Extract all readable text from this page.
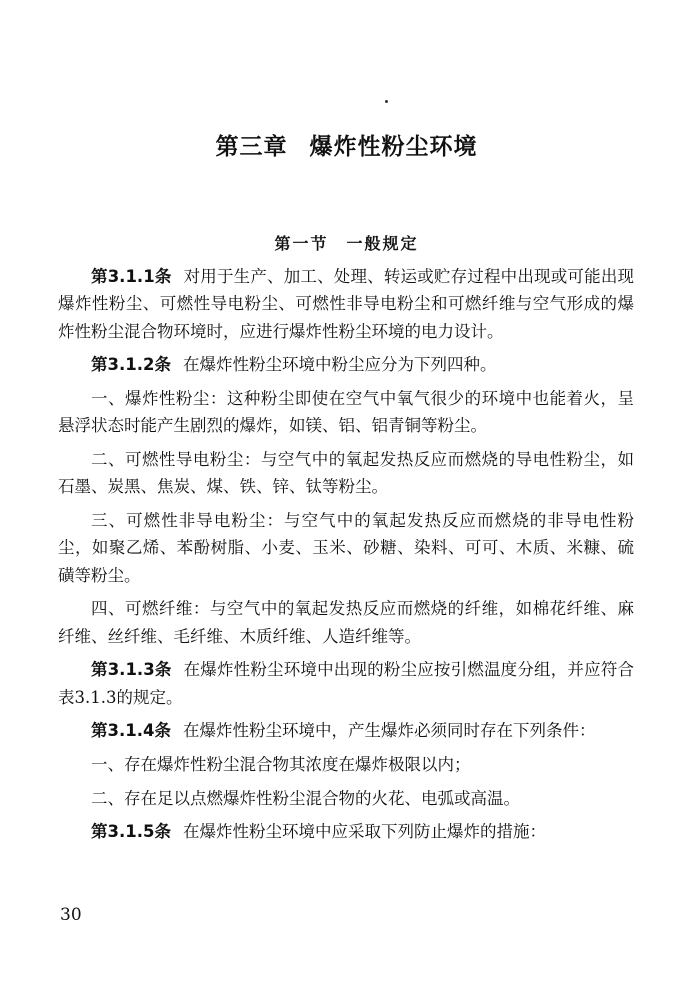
第三章 爆炸性粉尘环境
第一节 一般规定

第3.1.1条 对用于生产、加工、处理、转运或贮存过程中出现或可能出现爆炸性粉尘、可燃性导电粉尘、可燃性非导电粉尘和可燃纤维与空气形成的爆炸性粉尘混合物环境时，应进行爆炸性粉尘环境的电力设计。

第3.1.2条 在爆炸性粉尘环境中粉尘应分为下列四种。

一、爆炸性粉尘：这种粉尘即使在空气中氧气很少的环境中也能着火，呈悬浮状态时能产生剧烈的爆炸，如镁、铝、铝青铜等粉尘。

二、可燃性导电粉尘：与空气中的氧起发热反应而燃烧的导电性粉尘，如石墨、炭黑、焦炭、煤、铁、锌、钛等粉尘。

三、可燃性非导电粉尘：与空气中的氧起发热反应而燃烧的非导电性粉尘，如聚乙烯、苯酚树脂、小麦、玉米、砂糖、染料、可可、木质、米糠、硫磺等粉尘。

四、可燃纤维：与空气中的氧起发热反应而燃烧的纤维，如棉花纤维、麻纤维、丝纤维、毛纤维、木质纤维、人造纤维等。

第3.1.3条 在爆炸性粉尘环境中出现的粉尘应按引燃温度分组，并应符合表3.1.3的规定。

第3.1.4条 在爆炸性粉尘环境中，产生爆炸必须同时存在下列条件：

一、存在爆炸性粉尘混合物其浓度在爆炸极限以内；

二、存在足以点燃爆炸性粉尘混合物的火花、电弧或高温。

第3.1.5条 在爆炸性粉尘环境中应采取下列防止爆炸的措施：

30
